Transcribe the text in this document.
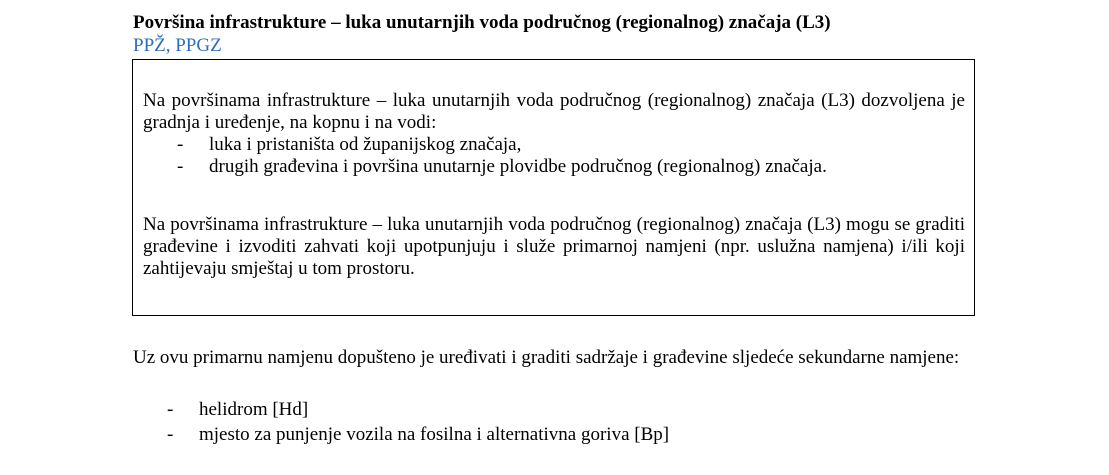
Površina infrastrukture – luka unutarnjih voda područnog (regionalnog) značaja (L3)
PPŽ, PPGZ
Na površinama infrastrukture – luka unutarnjih voda područnog (regionalnog) značaja (L3) dozvoljena je gradnja i uređenje, na kopnu i na vodi:
- luka i pristaništa od županijskog značaja,
- drugih građevina i površina unutarnje plovidbe područnog (regionalnog) značaja.
Na površinama infrastrukture – luka unutarnjih voda područnog (regionalnog) značaja (L3) mogu se graditi građevine i izvoditi zahvati koji upotpunjuju i služe primarnoj namjeni (npr. uslužna namjena) i/ili koji zahtijevaju smještaj u tom prostoru.
Uz ovu primarnu namjenu dopušteno je uređivati i graditi sadržaje i građevine sljedeće sekundarne namjene:
- helidrom [Hd]
- mjesto za punjenje vozila na fosilna i alternativna goriva [Bp]
